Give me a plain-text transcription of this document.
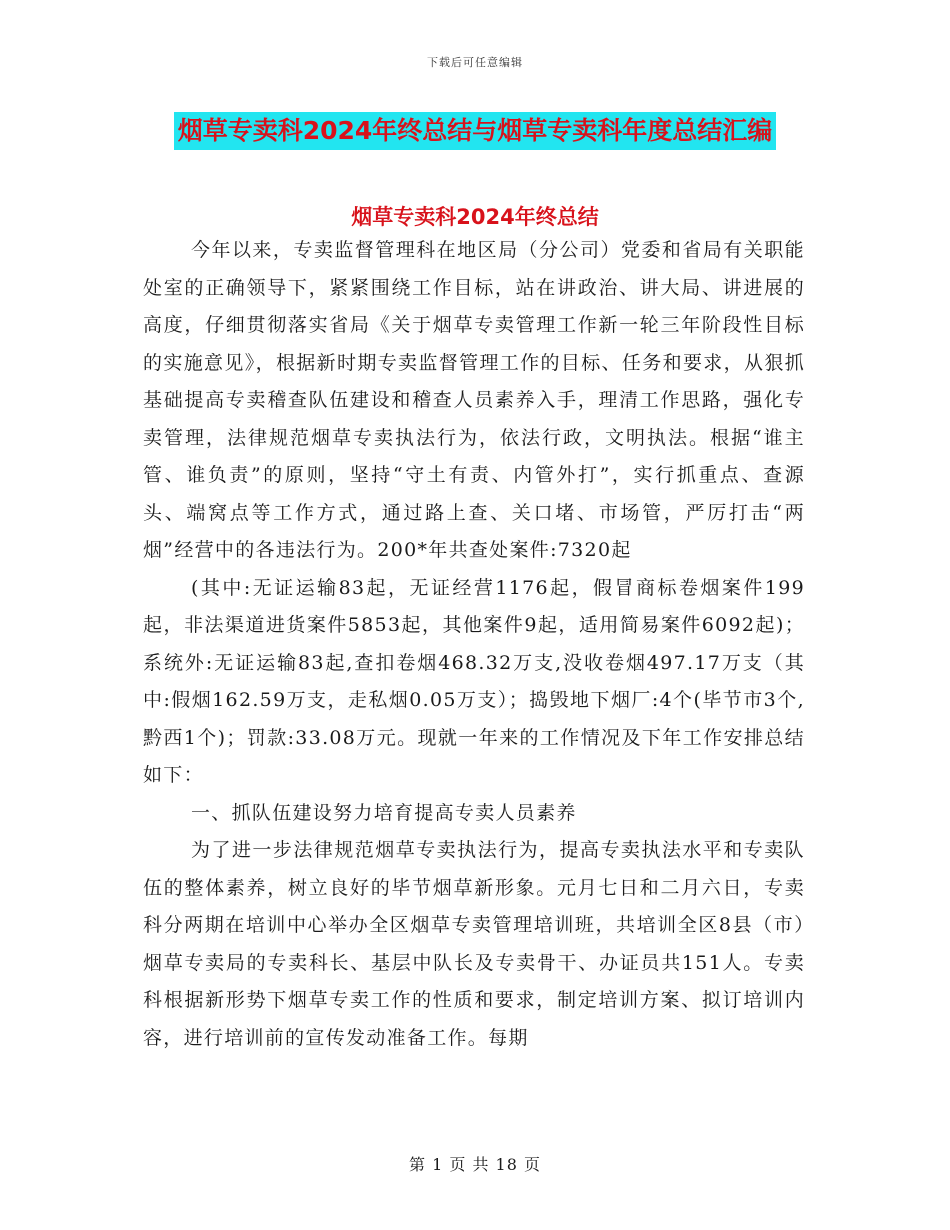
下载后可任意编辑
烟草专卖科2024年终总结与烟草专卖科年度总结汇编
烟草专卖科2024年终总结

今年以来，专卖监督管理科在地区局（分公司）党委和省局有关职能处室的正确领导下，紧紧围绕工作目标，站在讲政治、讲大局、讲进展的高度，仔细贯彻落实省局《关于烟草专卖管理工作新一轮三年阶段性目标的实施意见》，根据新时期专卖监督管理工作的目标、任务和要求，从狠抓基础提高专卖稽查队伍建设和稽查人员素养入手，理清工作思路，强化专卖管理，法律规范烟草专卖执法行为，依法行政，文明执法。根据“谁主管、谁负责”的原则，坚持“守土有责、内管外打”，实行抓重点、查源头、端窝点等工作方式，通过路上查、关口堵、市场管，严厉打击“两烟”经营中的各违法行为。200*年共查处案件:7320起

(其中:无证运输83起，无证经营1176起，假冒商标卷烟案件199起，非法渠道进货案件5853起，其他案件9起，适用简易案件6092起)；系统外:无证运输83起,查扣卷烟468.32万支,没收卷烟497.17万支（其中:假烟162.59万支，走私烟0.05万支）；捣毁地下烟厂:4个(毕节市3个,黔西1个)；罚款:33.08万元。现就一年来的工作情况及下年工作安排总结如下：

一、抓队伍建设努力培育提高专卖人员素养

为了进一步法律规范烟草专卖执法行为，提高专卖执法水平和专卖队伍的整体素养，树立良好的毕节烟草新形象。元月七日和二月六日，专卖科分两期在培训中心举办全区烟草专卖管理培训班，共培训全区8县（市）烟草专卖局的专卖科长、基层中队长及专卖骨干、办证员共151人。专卖科根据新形势下烟草专卖工作的性质和要求，制定培训方案、拟订培训内容，进行培训前的宣传发动准备工作。每期

第 1 页 共 18 页
